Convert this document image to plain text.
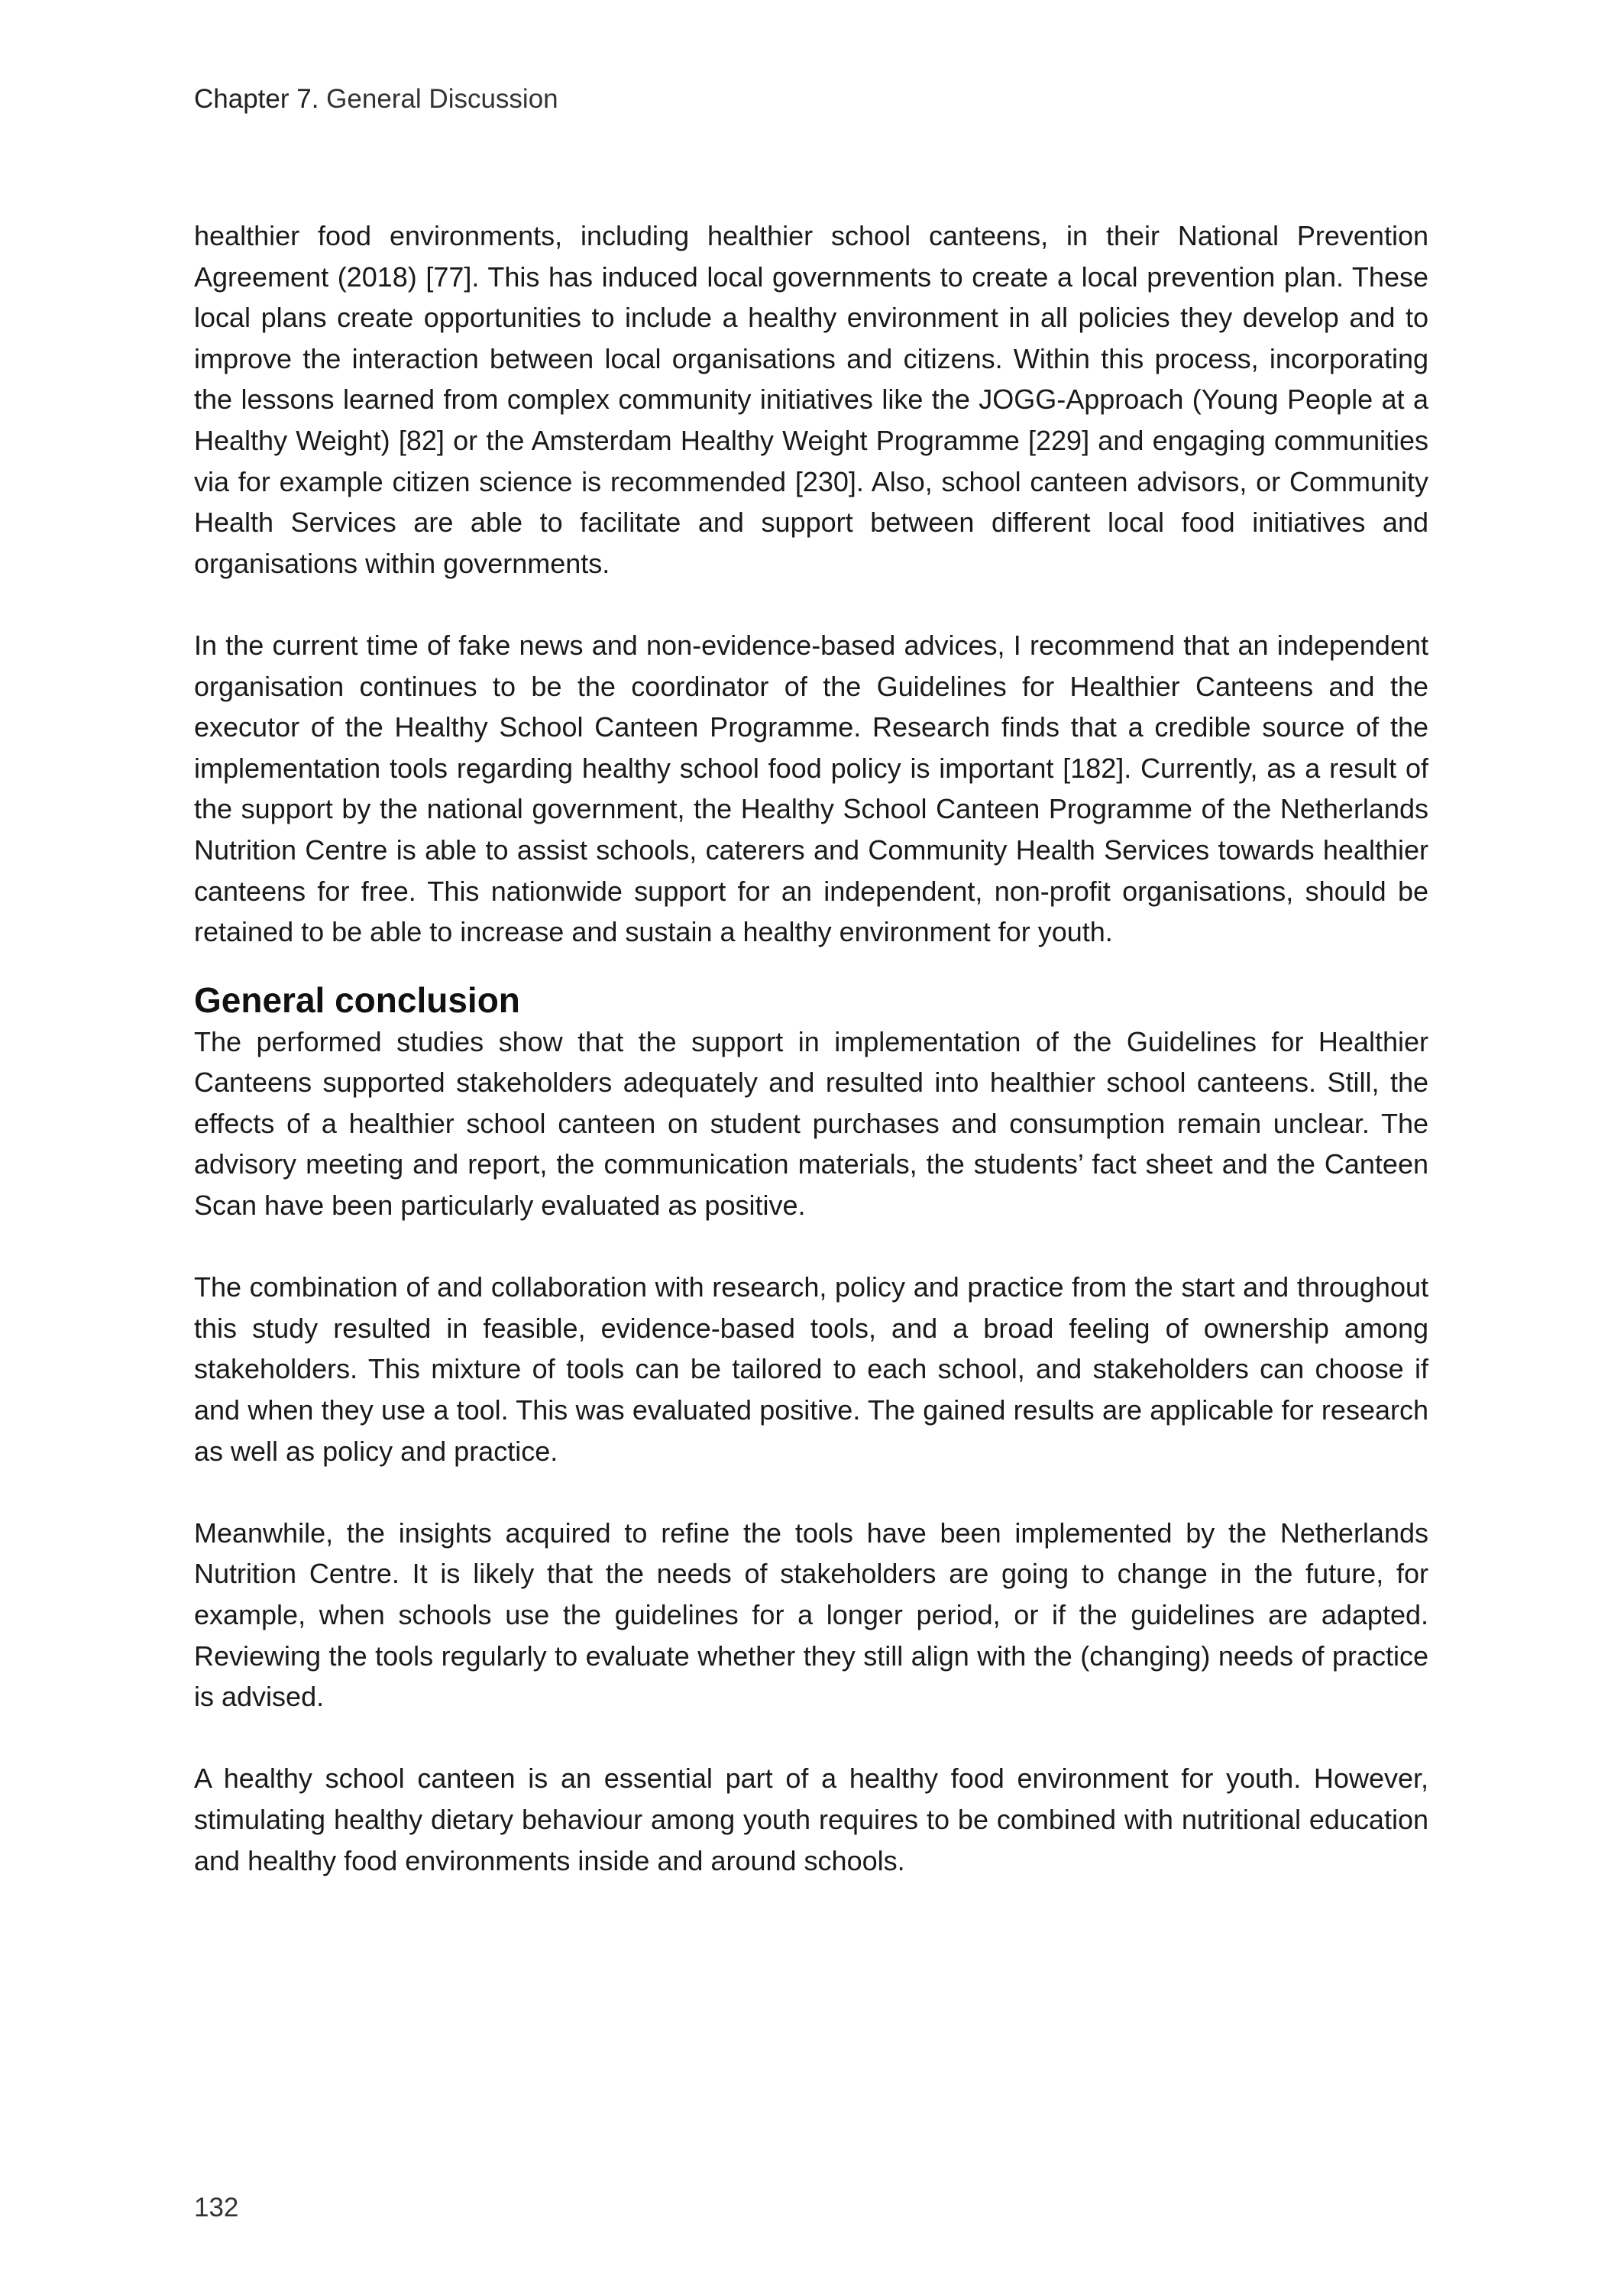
Chapter 7. General Discussion

healthier food environments, including healthier school canteens, in their National Prevention Agreement (2018) [77]. This has induced local governments to create a local prevention plan. These local plans create opportunities to include a healthy environment in all policies they develop and to improve the interaction between local organisations and citizens. Within this process, incorporating the lessons learned from complex community initiatives like the JOGG-Approach (Young People at a Healthy Weight) [82] or the Amsterdam Healthy Weight Programme [229] and engaging communities via for example citizen science is recommended [230]. Also, school canteen advisors, or Community Health Services are able to facilitate and support between different local food initiatives and organisations within governments.

In the current time of fake news and non-evidence-based advices, I recommend that an independent organisation continues to be the coordinator of the Guidelines for Healthier Canteens and the executor of the Healthy School Canteen Programme. Research finds that a credible source of the implementation tools regarding healthy school food policy is important [182]. Currently, as a result of the support by the national government, the Healthy School Canteen Programme of the Netherlands Nutrition Centre is able to assist schools, caterers and Community Health Services towards healthier canteens for free. This nationwide support for an independent, non-profit organisations, should be retained to be able to increase and sustain a healthy environment for youth.

General conclusion

The performed studies show that the support in implementation of the Guidelines for Healthier Canteens supported stakeholders adequately and resulted into healthier school canteens. Still, the effects of a healthier school canteen on student purchases and consumption remain unclear. The advisory meeting and report, the communication materials, the students’ fact sheet and the Canteen Scan have been particularly evaluated as positive.

The combination of and collaboration with research, policy and practice from the start and throughout this study resulted in feasible, evidence-based tools, and a broad feeling of ownership among stakeholders. This mixture of tools can be tailored to each school, and stakeholders can choose if and when they use a tool. This was evaluated positive. The gained results are applicable for research as well as policy and practice.

Meanwhile, the insights acquired to refine the tools have been implemented by the Netherlands Nutrition Centre. It is likely that the needs of stakeholders are going to change in the future, for example, when schools use the guidelines for a longer period, or if the guidelines are adapted. Reviewing the tools regularly to evaluate whether they still align with the (changing) needs of practice is advised.

A healthy school canteen is an essential part of a healthy food environment for youth. However, stimulating healthy dietary behaviour among youth requires to be combined with nutritional education and healthy food environments inside and around schools.

132
